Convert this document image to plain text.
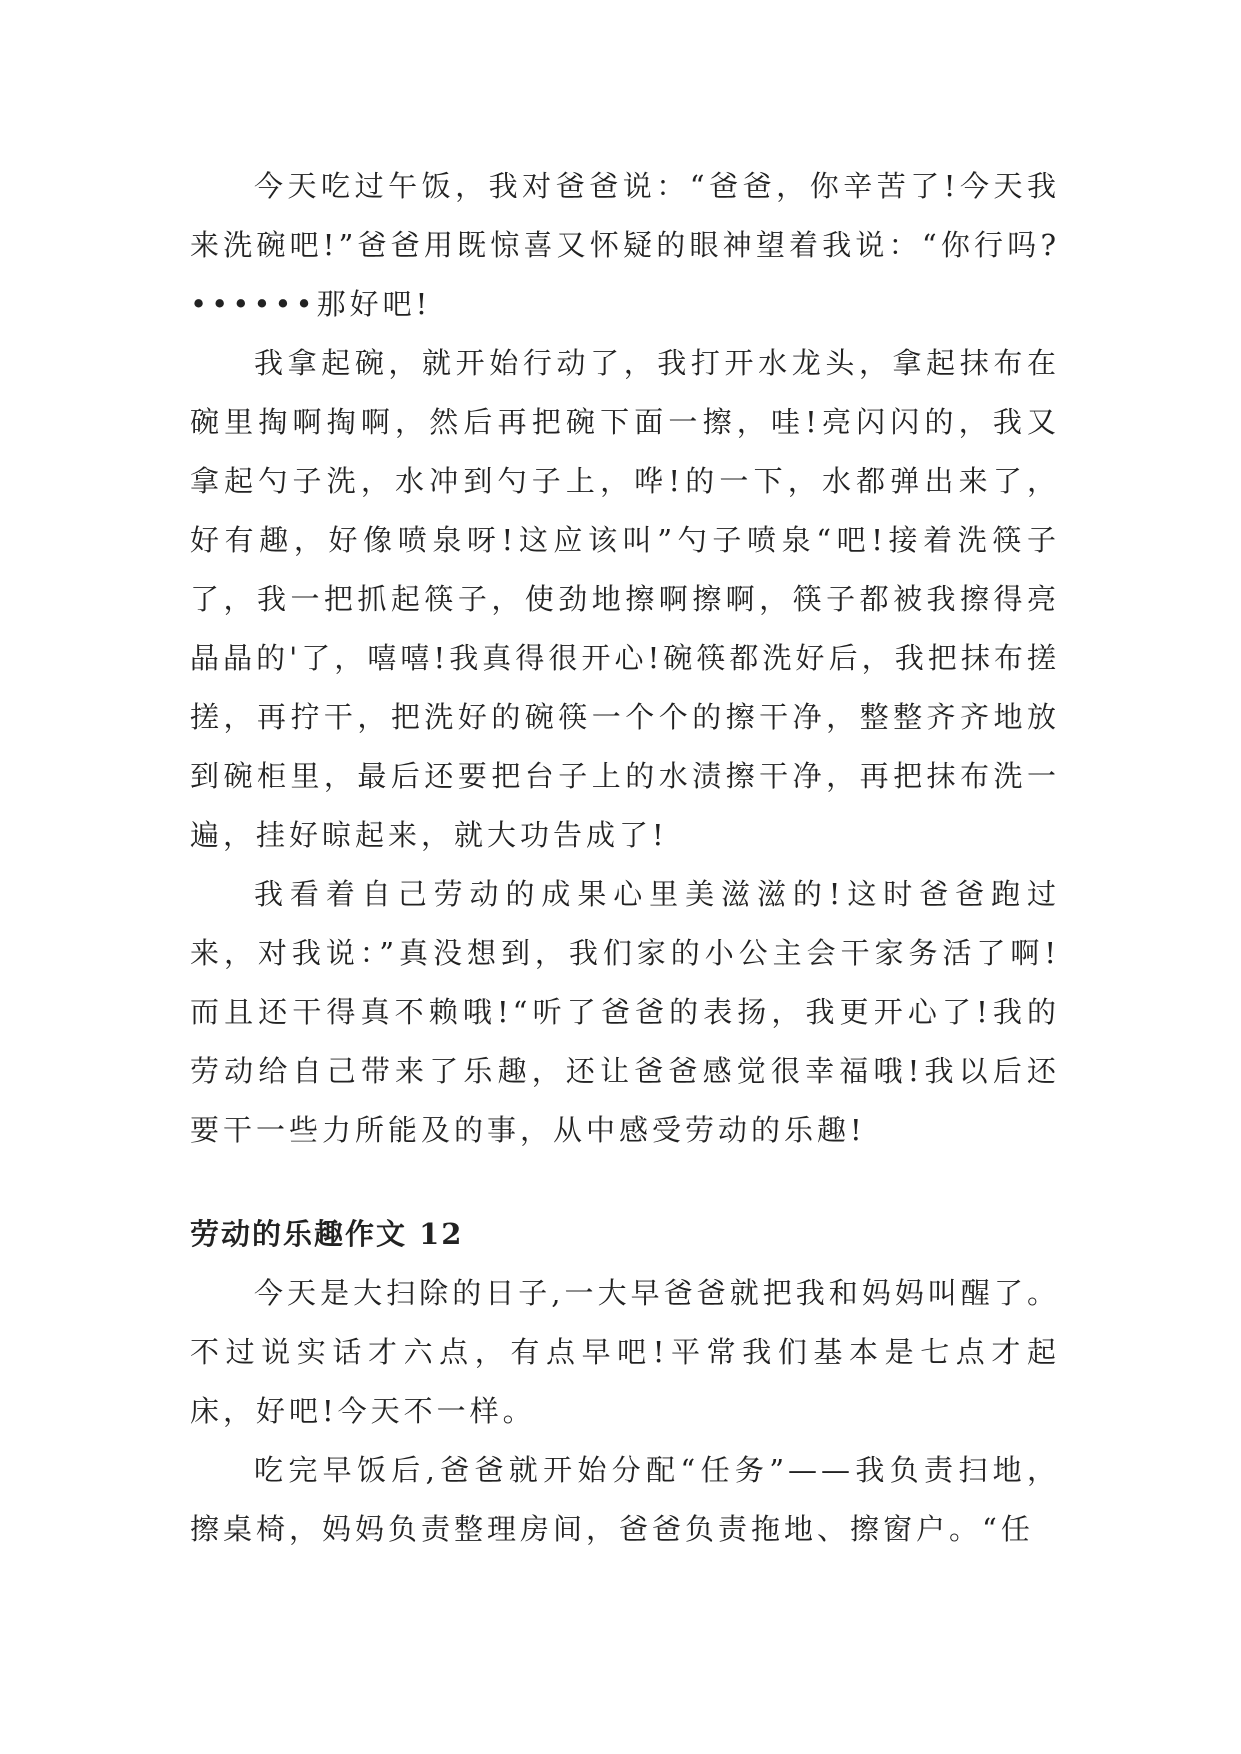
今天吃过午饭，我对爸爸说：“爸爸，你辛苦了!今天我来洗碗吧!”爸爸用既惊喜又怀疑的眼神望着我说：“你行吗?••••••那好吧!

我拿起碗，就开始行动了，我打开水龙头，拿起抹布在碗里掏啊掏啊，然后再把碗下面一擦，哇!亮闪闪的，我又拿起勺子洗，水冲到勺子上，哗!的一下，水都弹出来了，好有趣，好像喷泉呀!这应该叫”勺子喷泉“吧!接着洗筷子了，我一把抓起筷子，使劲地擦啊擦啊，筷子都被我擦得亮晶晶的'了，嘻嘻!我真得很开心!碗筷都洗好后，我把抹布搓搓，再拧干，把洗好的碗筷一个个的擦干净，整整齐齐地放到碗柜里，最后还要把台子上的水渍擦干净，再把抹布洗一遍，挂好晾起来，就大功告成了!

我看着自己劳动的成果心里美滋滋的!这时爸爸跑过来，对我说：”真没想到，我们家的小公主会干家务活了啊!而且还干得真不赖哦!“听了爸爸的表扬，我更开心了!我的劳动给自己带来了乐趣，还让爸爸感觉很幸福哦!我以后还要干一些力所能及的事，从中感受劳动的乐趣!

劳动的乐趣作文 12

今天是大扫除的日子,一大早爸爸就把我和妈妈叫醒了。不过说实话才六点，有点早吧!平常我们基本是七点才起床，好吧!今天不一样。

吃完早饭后,爸爸就开始分配“任务”——我负责扫地，擦桌椅，妈妈负责整理房间，爸爸负责拖地、擦窗户。“任
